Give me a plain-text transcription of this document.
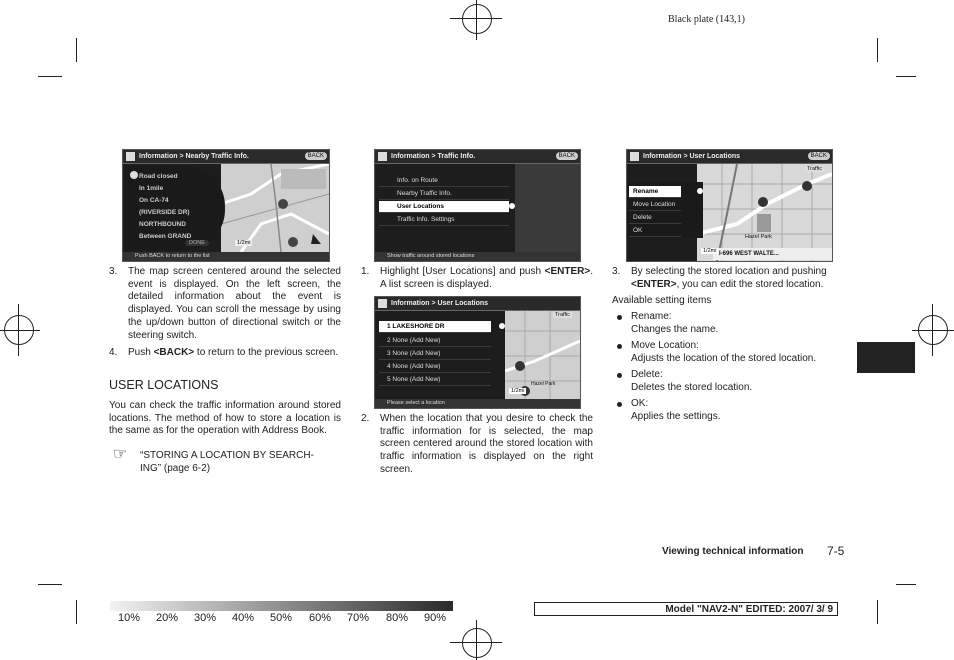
Black plate (143,1)
Information > Nearby Traffic Info.	BACK
Road closed
In 1mile
On CA-74
(RIVERSIDE DR)
NORTHBOUND
Between GRAND
DONE	1/2mi
Push BACK to return to the list
Information > Traffic Info.	BACK
Info. on Route
Nearby Traffic Info.
User Locations
Traffic Info. Settings
Show traffic around stored locations
Information > User Locations	BACK
Traffic
Rename
Move Location
Delete
OK
Hazel Park
I-696 WEST WALTE...
1/2mi
Information > User Locations
Traffic
1 LAKESHORE DR
2 None (Add New)
3 None (Add New)
4 None (Add New)
5 None (Add New)
Hazel Park
1/2mi
Please select a location
3. The map screen centered around the selected event is displayed. On the left screen, the detailed information about the event is displayed. You can scroll the message by using the up/down button of directional switch or the steering switch.
4. Push <BACK> to return to the previous screen.
USER LOCATIONS
You can check the traffic information around stored locations. The method of how to store a location is the same as for the operation with Address Book.
☞ “STORING A LOCATION BY SEARCH-
ING” (page 6-2)
1. Highlight [User Locations] and push <ENTER>. A list screen is displayed.
2. When the location that you desire to check the traffic information for is selected, the map screen centered around the stored location with traffic information is displayed on the right screen.
3. By selecting the stored location and pushing <ENTER>, you can edit the stored location.
Available setting items
Rename:
Changes the name.
Move Location:
Adjusts the location of the stored location.
Delete:
Deletes the stored location.
OK:
Applies the settings.
Viewing technical information 7-5
10% 20% 30% 40% 50% 60% 70% 80% 90%
Model "NAV2-N" EDITED: 2007/ 3/ 9
